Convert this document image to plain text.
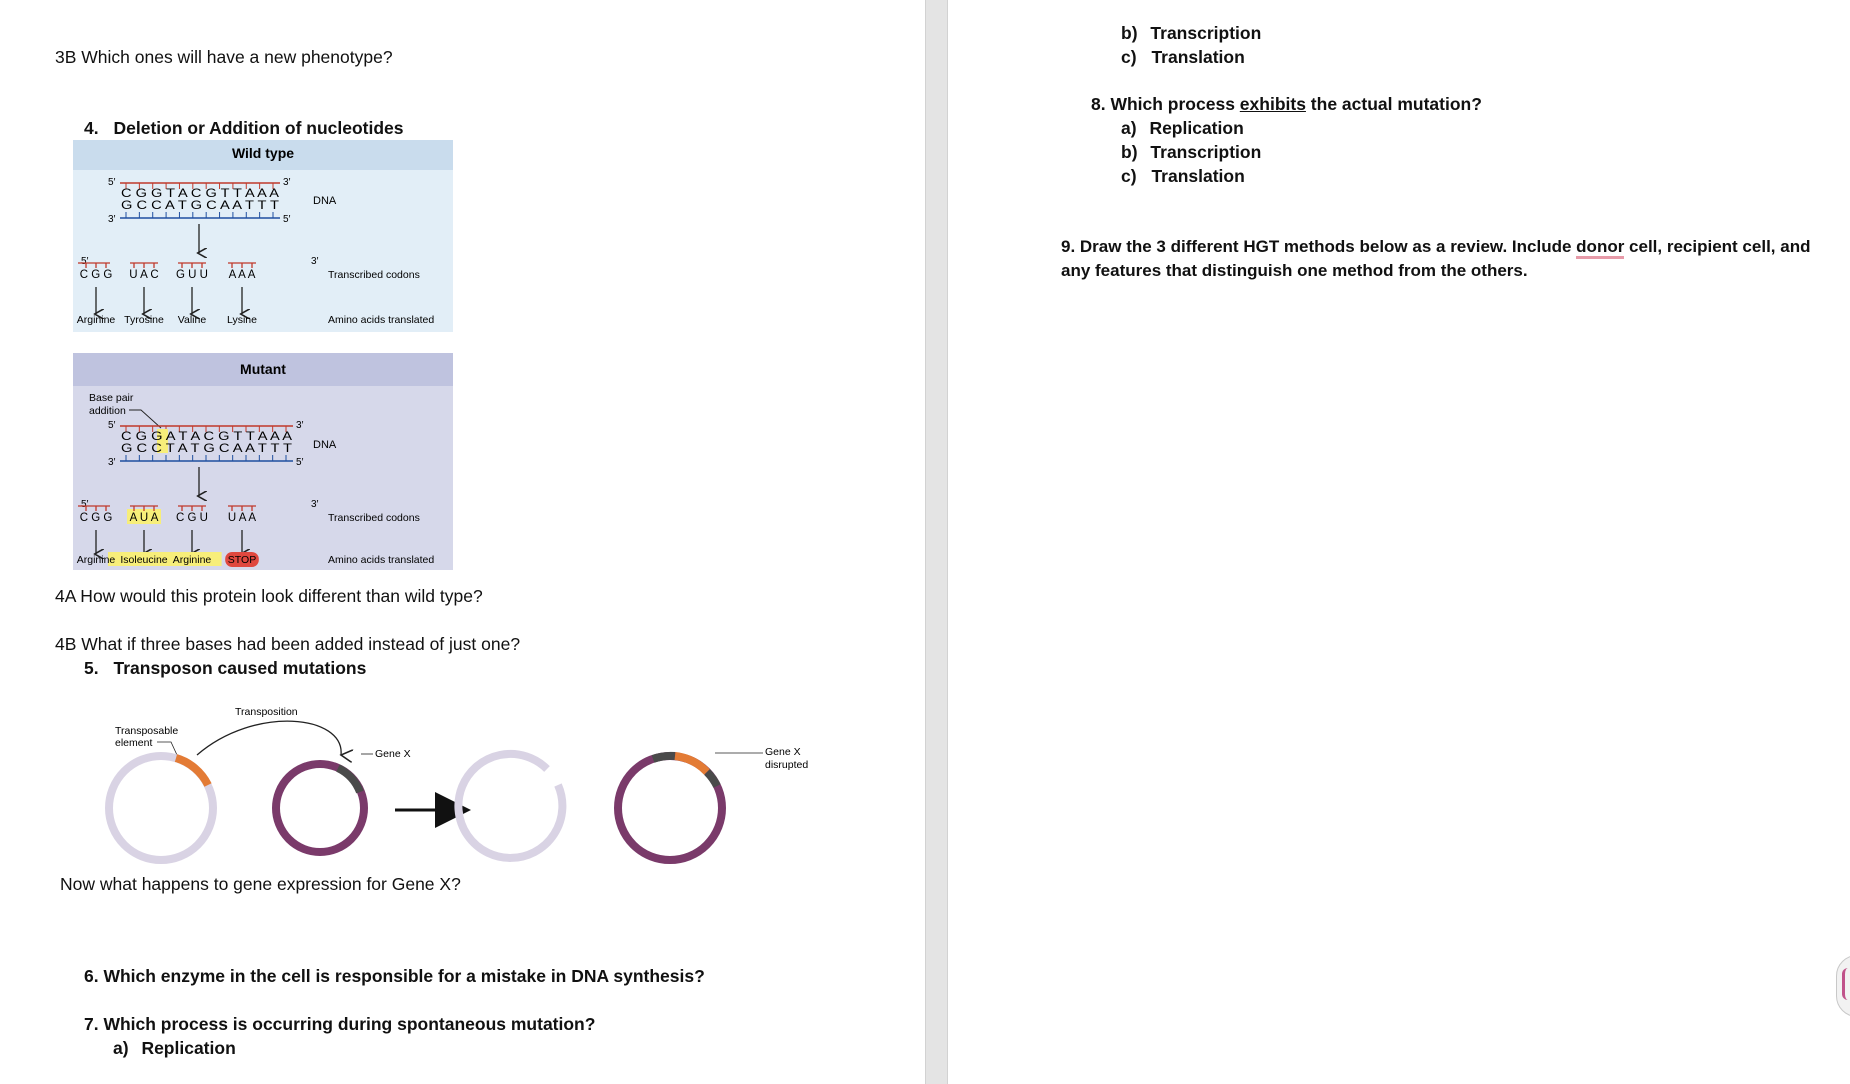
3B Which ones will have a new phenotype?
4. Deletion or Addition of nucleotides
Wild type
5′	3′
C G G T A C G T T A A A
G C C A T G C A A T T T
3′	5′
DNA
5′	3′
C G G U A C G U U A A A	Transcribed codons
Arginine Tyrosine Valine Lysine	Amino acids translated
Mutant
Base pair
addition
5′	3′
C G G A T A C G T T A A A
G C C T A T G C A A T T T
3′	5′
DNA
5′	3′
C G G A U A C G U U A A	Transcribed codons
Arginine Isoleucine Arginine STOP	Amino acids translated
4A How would this protein look different than wild type?
4B What if three bases had been added instead of just one?
5. Transposon caused mutations
Transposition
Transposable
element
Gene X	Gene X
disrupted
Now what happens to gene expression for Gene X?
6. Which enzyme in the cell is responsible for a mistake in DNA synthesis?
7. Which process is occurring during spontaneous mutation?
a) Replication
b) Transcription
c) Translation
8. Which process exhibits the actual mutation?
a) Replication
b) Transcription
c) Translation
9. Draw the 3 different HGT methods below as a review. Include donor cell, recipient cell, and
any features that distinguish one method from the others.
